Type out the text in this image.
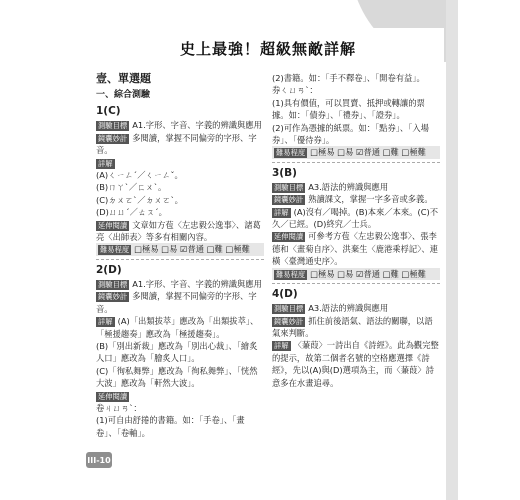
史上最強！超級無敵詳解
壹、單選題
一、綜合測驗
1(C)

測驗目標 A1.字形、字音、字義的辨識與應用

鏡囊妙計 多閱讀，掌握不同偏旁的字形、字音。

詳解

(A)ㄑㄧㄥˊ／ㄑㄧㄥˇ。

(B)ㄇㄚˋ／ㄈㄨˋ。

(C)ㄉㄨㄛˋ／ㄉㄨㄛˋ。

(D)ㄩㄩˊ／ㄊㄡˊ。

延伸閱讀 文章如方苞〈左忠毅公逸事〉、諸葛亮〈出師表〉等多有相關內容。

難易程度 □極易 □易 ☑普通 □難 □極難

2(D)

測驗目標 A1.字形、字音、字義的辨識與應用

鏡囊妙計 多閱讀，掌握不同偏旁的字形、字音。

詳解 (A)「出類拔萃」應改為「出類拔萃」、「極援趨奏」應改為「極援趨奏」。

(B)「別出新裁」應改為「別出心裁」、「繪炙人口」應改為「膾炙人口」。

(C)「徇私舞弊」應改為「徇私舞弊」、「恍然大波」應改為「軒然大波」。

延伸閱讀

卷ㄐㄩㄢˋ：

(1)可自由舒捲的書籍。如：「手卷」、「畫卷」、「卷軸」。

(2)書籍。如：「手不釋卷」、「開卷有益」。

券ㄑㄩㄢˋ：

(1)具有價值，可以買賣、抵押或轉讓的票據。如：「債券」、「禮券」、「證券」。

(2)可作為憑據的紙票。如：「點券」、「入場券」、「優待券」。

難易程度 □極易 □易 ☑普通 □難 □極難

3(B)

測驗目標 A3.語法的辨識與應用

鏡囊妙計 熟讀課文，掌握一字多音或多義。

詳解 (A)沒有／喝掉。(B)本來／本來。(C)不久／已經。(D)終究／士兵。

延伸閱讀 可參考方苞〈左忠毅公逸事〉、張李德和〈畫菊自序〉、洪棄生〈鹿港乘桴記〉、連橫〈臺灣通史序〉。

難易程度 □極易 □易 ☑普通 □難 □極難

4(D)

測驗目標 A3.語法的辨識與應用

鏡囊妙計 抓住前後語氣、語法的關聯，以語氣來判斷。

詳解 〈蒹葭〉一詩出自《詩經》。此為觀完整的提示，故第二個者名號的空格應選擇《詩經》，先以(A)與(D)選項為主，而〈蒹葭〉詩意多在水畫追尋。

III-10
